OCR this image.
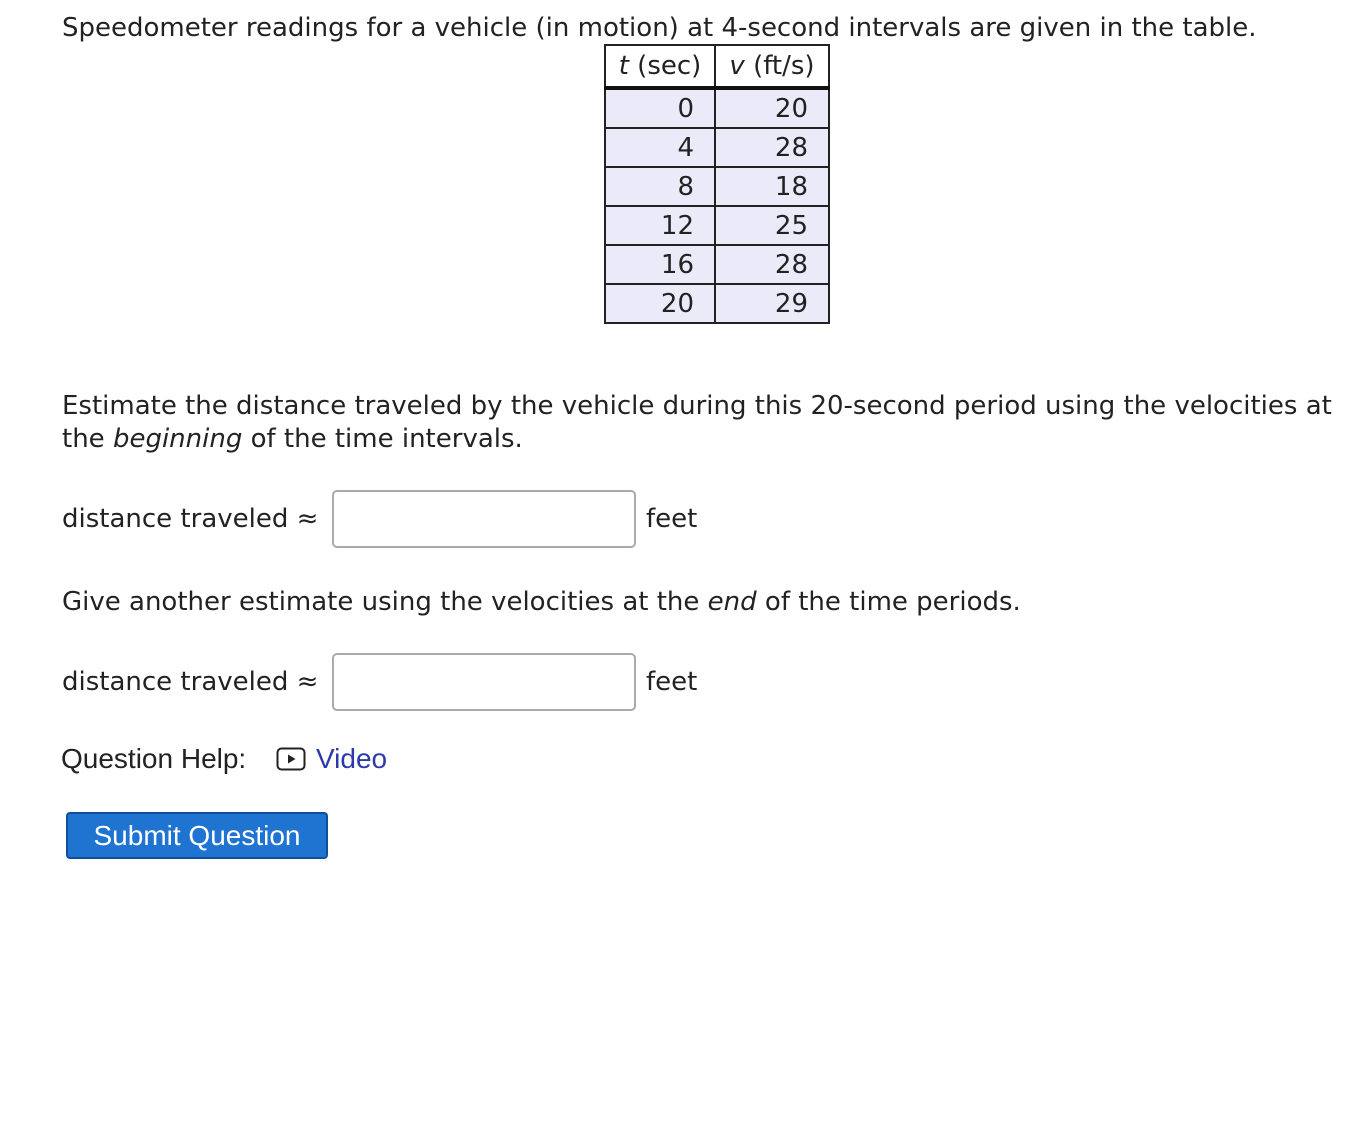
Speedometer readings for a vehicle (in motion) at 4-second intervals are given in the table.
t (sec)	v (ft/s)
0	20
4	28
8	18
12	25
16	28
20	29
Estimate the distance traveled by the vehicle during this 20-second period using the velocities at the beginning of the time intervals.
distance traveled ≈	feet
Give another estimate using the velocities at the end of the time periods.
distance traveled ≈	feet
Question Help: Video
Submit Question
